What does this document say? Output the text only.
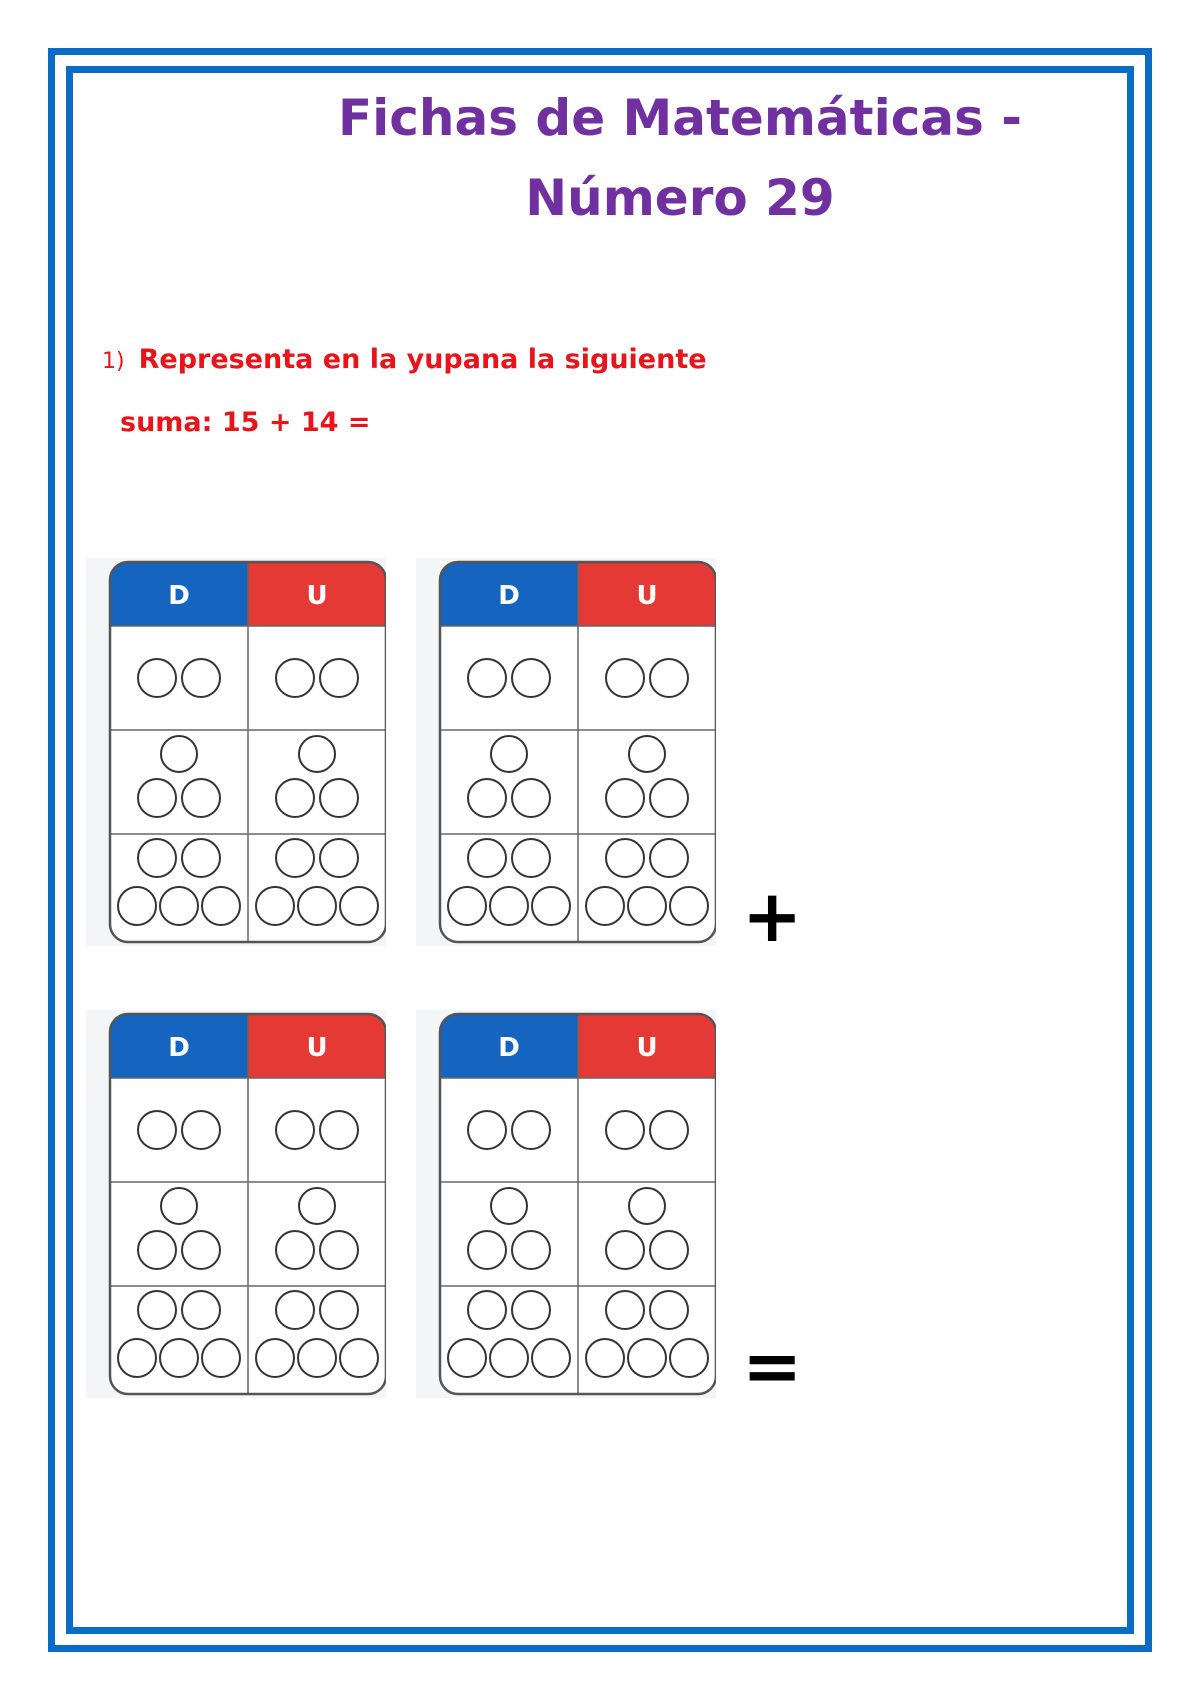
Fichas de Matemáticas -
Número 29

1) Representa en la yupana la siguiente

suma: 15 + 14 =

D	U	D	U
+
D	U	D	U
=
